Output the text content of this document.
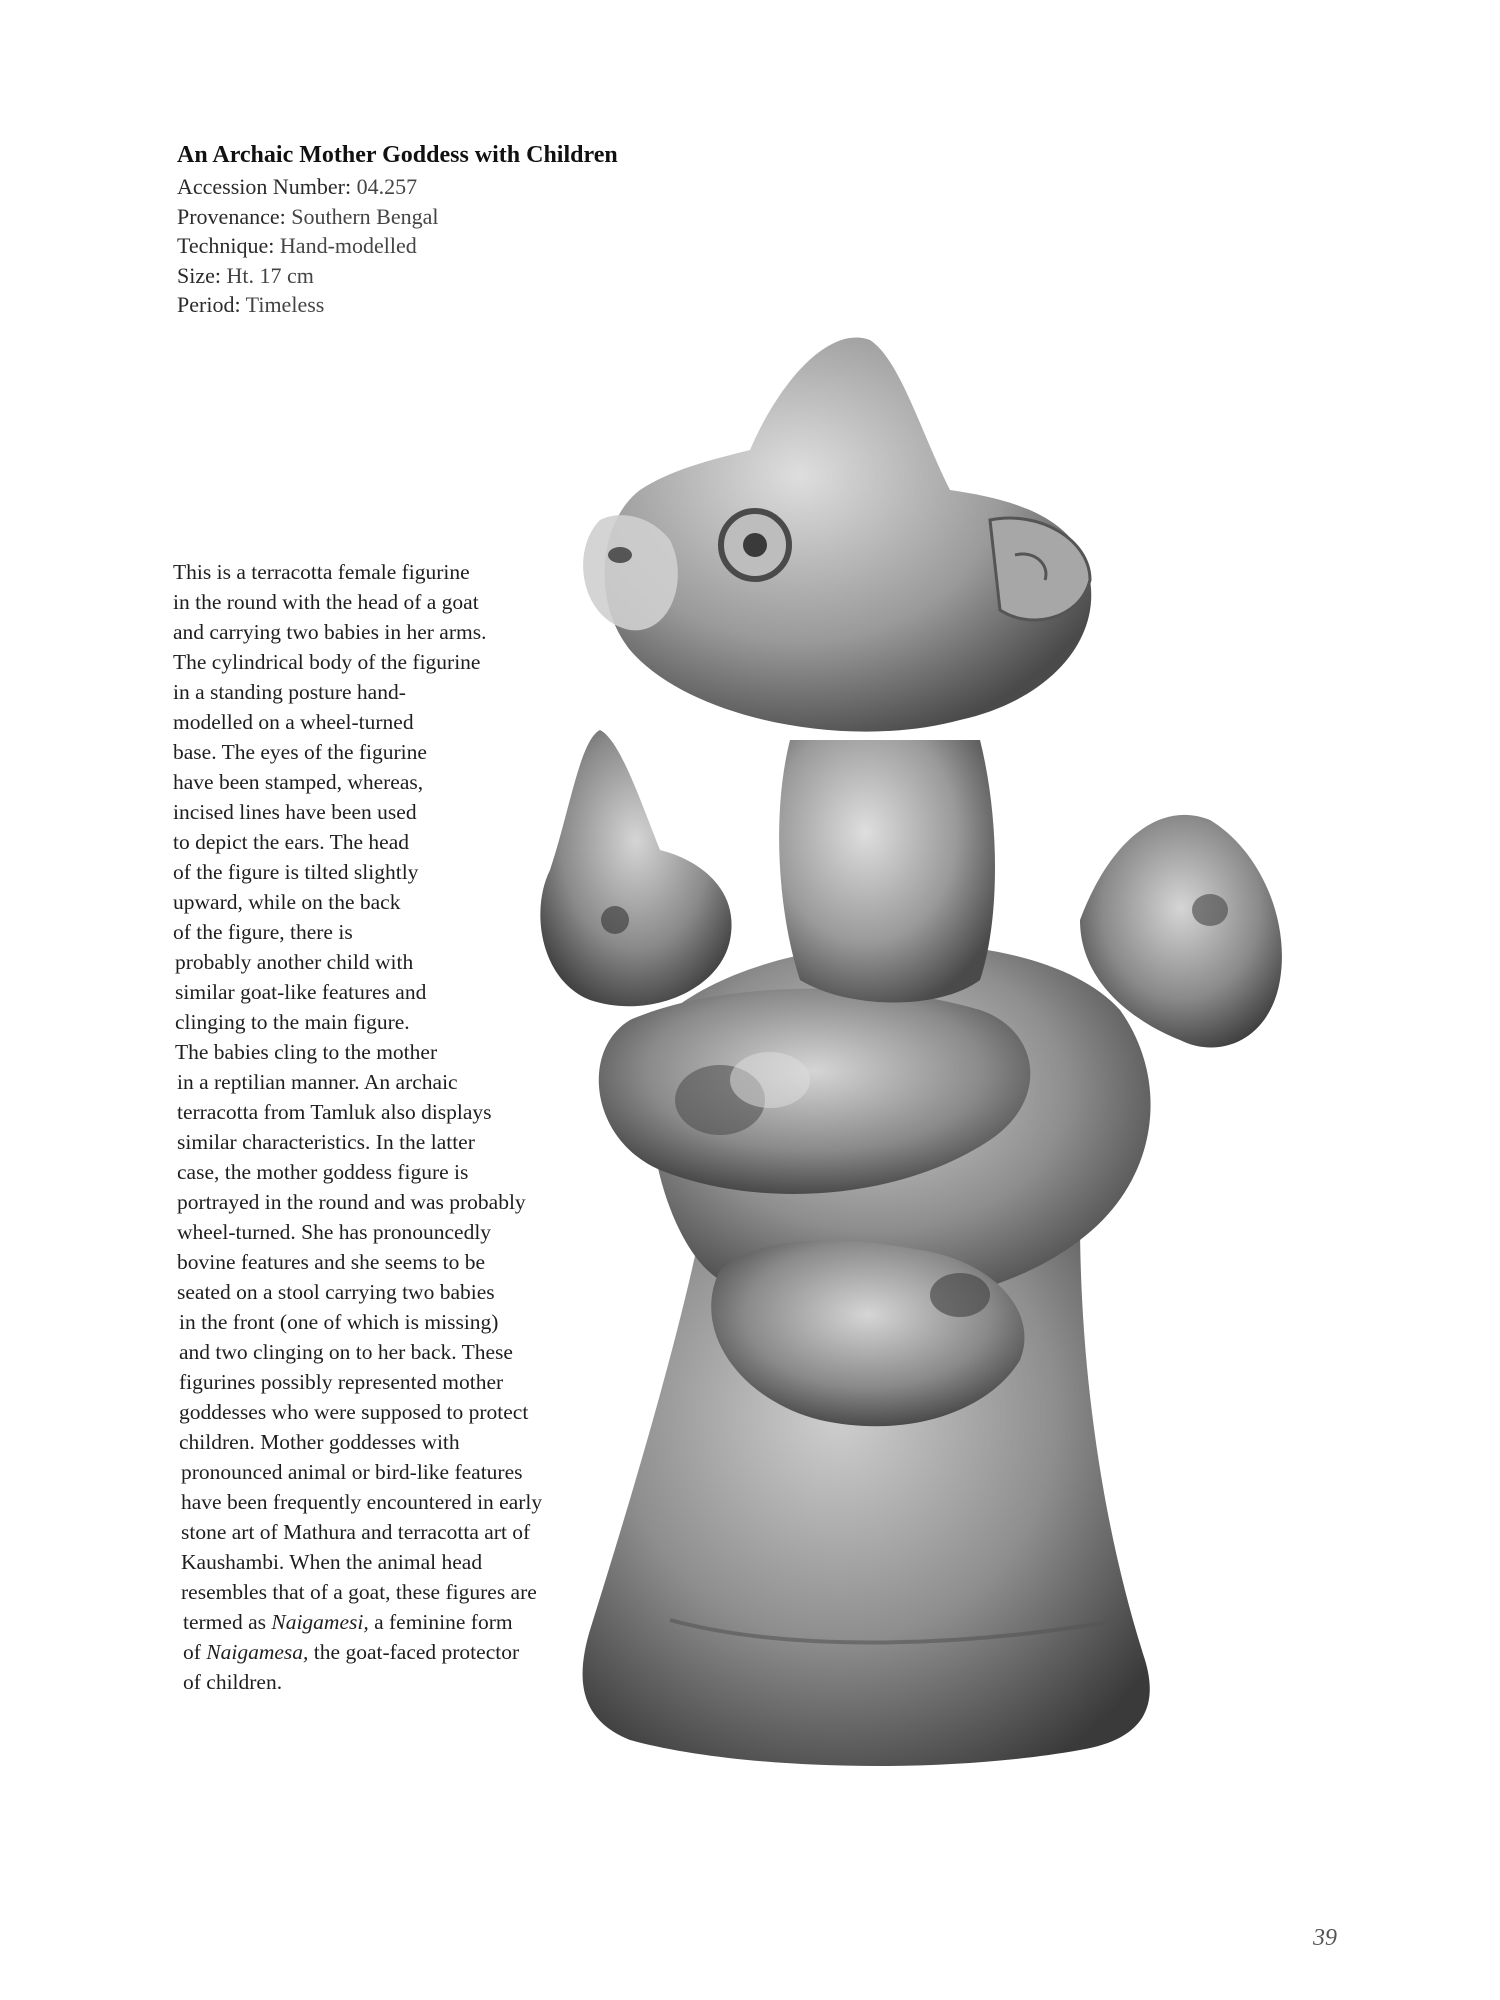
An Archaic Mother Goddess with Children
Accession Number: 04.257
Provenance: Southern Bengal
Technique: Hand-modelled
Size: Ht. 17 cm
Period: Timeless
This is a terracotta female figurine
in the round with the head of a goat
and carrying two babies in her arms.
The cylindrical body of the figurine
in a standing posture hand-
modelled on a wheel-turned
base. The eyes of the figurine
have been stamped, whereas,
incised lines have been used
to depict the ears. The head
of the figure is tilted slightly
upward, while on the back
of the figure, there is
probably another child with
similar goat-like features and
clinging to the main figure.
The babies cling to the mother
in a reptilian manner. An archaic
terracotta from Tamluk also displays
similar characteristics. In the latter
case, the mother goddess figure is
portrayed in the round and was probably
wheel-turned. She has pronouncedly
bovine features and she seems to be
seated on a stool carrying two babies
in the front (one of which is missing)
and two clinging on to her back. These
figurines possibly represented mother
goddesses who were supposed to protect
children. Mother goddesses with
pronounced animal or bird-like features
have been frequently encountered in early
stone art of Mathura and terracotta art of
Kaushambi. When the animal head
resembles that of a goat, these figures are
termed as Naigamesi, a feminine form
of Naigamesa, the goat-faced protector
of children.
39
